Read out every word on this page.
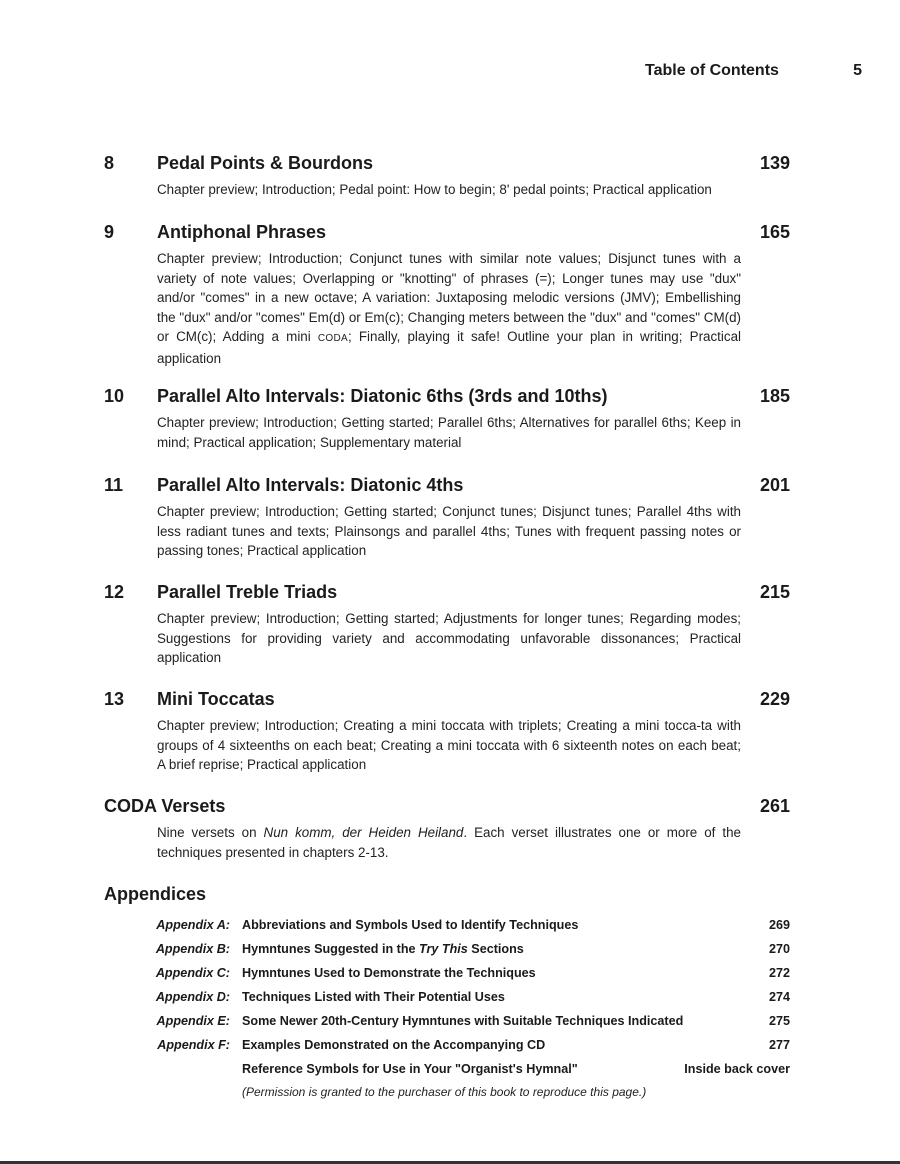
Table of Contents	5
8 Pedal Points & Bourdons	139
Chapter preview; Introduction; Pedal point: How to begin; 8' pedal points; Practical application
9 Antiphonal Phrases	165
Chapter preview; Introduction; Conjunct tunes with similar note values; Disjunct tunes with a variety of note values; Overlapping or "knotting" of phrases (=); Longer tunes may use "dux" and/or "comes" in a new octave; A variation: Juxtaposing melodic versions (JMV); Embellishing the "dux" and/or "comes" Em(d) or Em(c); Changing meters between the "dux" and "comes" CM(d) or CM(c); Adding a mini CODA; Finally, playing it safe! Outline your plan in writing; Practical application
10 Parallel Alto Intervals: Diatonic 6ths (3rds and 10ths)	185
Chapter preview; Introduction; Getting started; Parallel 6ths; Alternatives for parallel 6ths; Keep in mind; Practical application; Supplementary material
11 Parallel Alto Intervals: Diatonic 4ths	201
Chapter preview; Introduction; Getting started; Conjunct tunes; Disjunct tunes; Parallel 4ths with less radiant tunes and texts; Plainsongs and parallel 4ths; Tunes with frequent passing notes or passing tones; Practical application
12 Parallel Treble Triads	215
Chapter preview; Introduction; Getting started; Adjustments for longer tunes; Regarding modes; Suggestions for providing variety and accommodating unfavorable dissonances; Practical application
13 Mini Toccatas	229
Chapter preview; Introduction; Creating a mini toccata with triplets; Creating a mini tocca-ta with groups of 4 sixteenths on each beat; Creating a mini toccata with 6 sixteenth notes on each beat; A brief reprise; Practical application
CODA Versets	261
Nine versets on Nun komm, der Heiden Heiland. Each verset illustrates one or more of the techniques presented in chapters 2-13.
Appendices
Appendix A: Abbreviations and Symbols Used to Identify Techniques	269
Appendix B: Hymntunes Suggested in the Try This Sections	270
Appendix C: Hymntunes Used to Demonstrate the Techniques	272
Appendix D: Techniques Listed with Their Potential Uses	274
Appendix E: Some Newer 20th-Century Hymntunes with Suitable Techniques Indicated	275
Appendix F: Examples Demonstrated on the Accompanying CD	277
Reference Symbols for Use in Your "Organist's Hymnal"	Inside back cover
(Permission is granted to the purchaser of this book to reproduce this page.)
